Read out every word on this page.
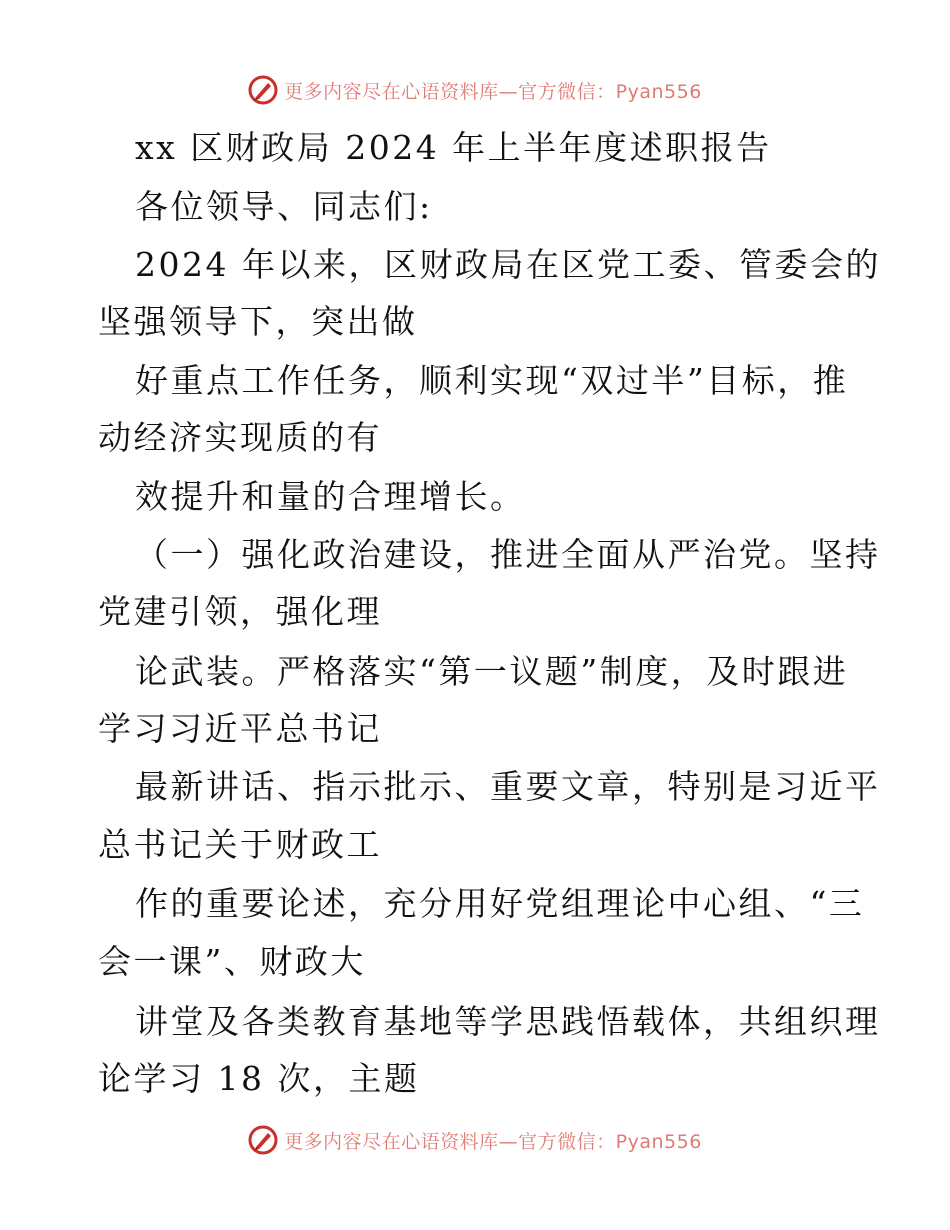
更多内容尽在心语资料库—官方微信：Pyan556
xx 区财政局 2024 年上半年度述职报告
各位领导、同志们:
2024 年以来，区财政局在区党工委、管委会的
坚强领导下，突出做
好重点工作任务，顺利实现“双过半”目标，推
动经济实现质的有
效提升和量的合理增长。
（一）强化政治建设，推进全面从严治党。坚持
党建引领，强化理
论武装。严格落实“第一议题”制度，及时跟进
学习习近平总书记
最新讲话、指示批示、重要文章，特别是习近平
总书记关于财政工
作的重要论述，充分用好党组理论中心组、“三
会一课”、财政大
讲堂及各类教育基地等学思践悟载体，共组织理
论学习 18 次，主题
更多内容尽在心语资料库—官方微信：Pyan556
